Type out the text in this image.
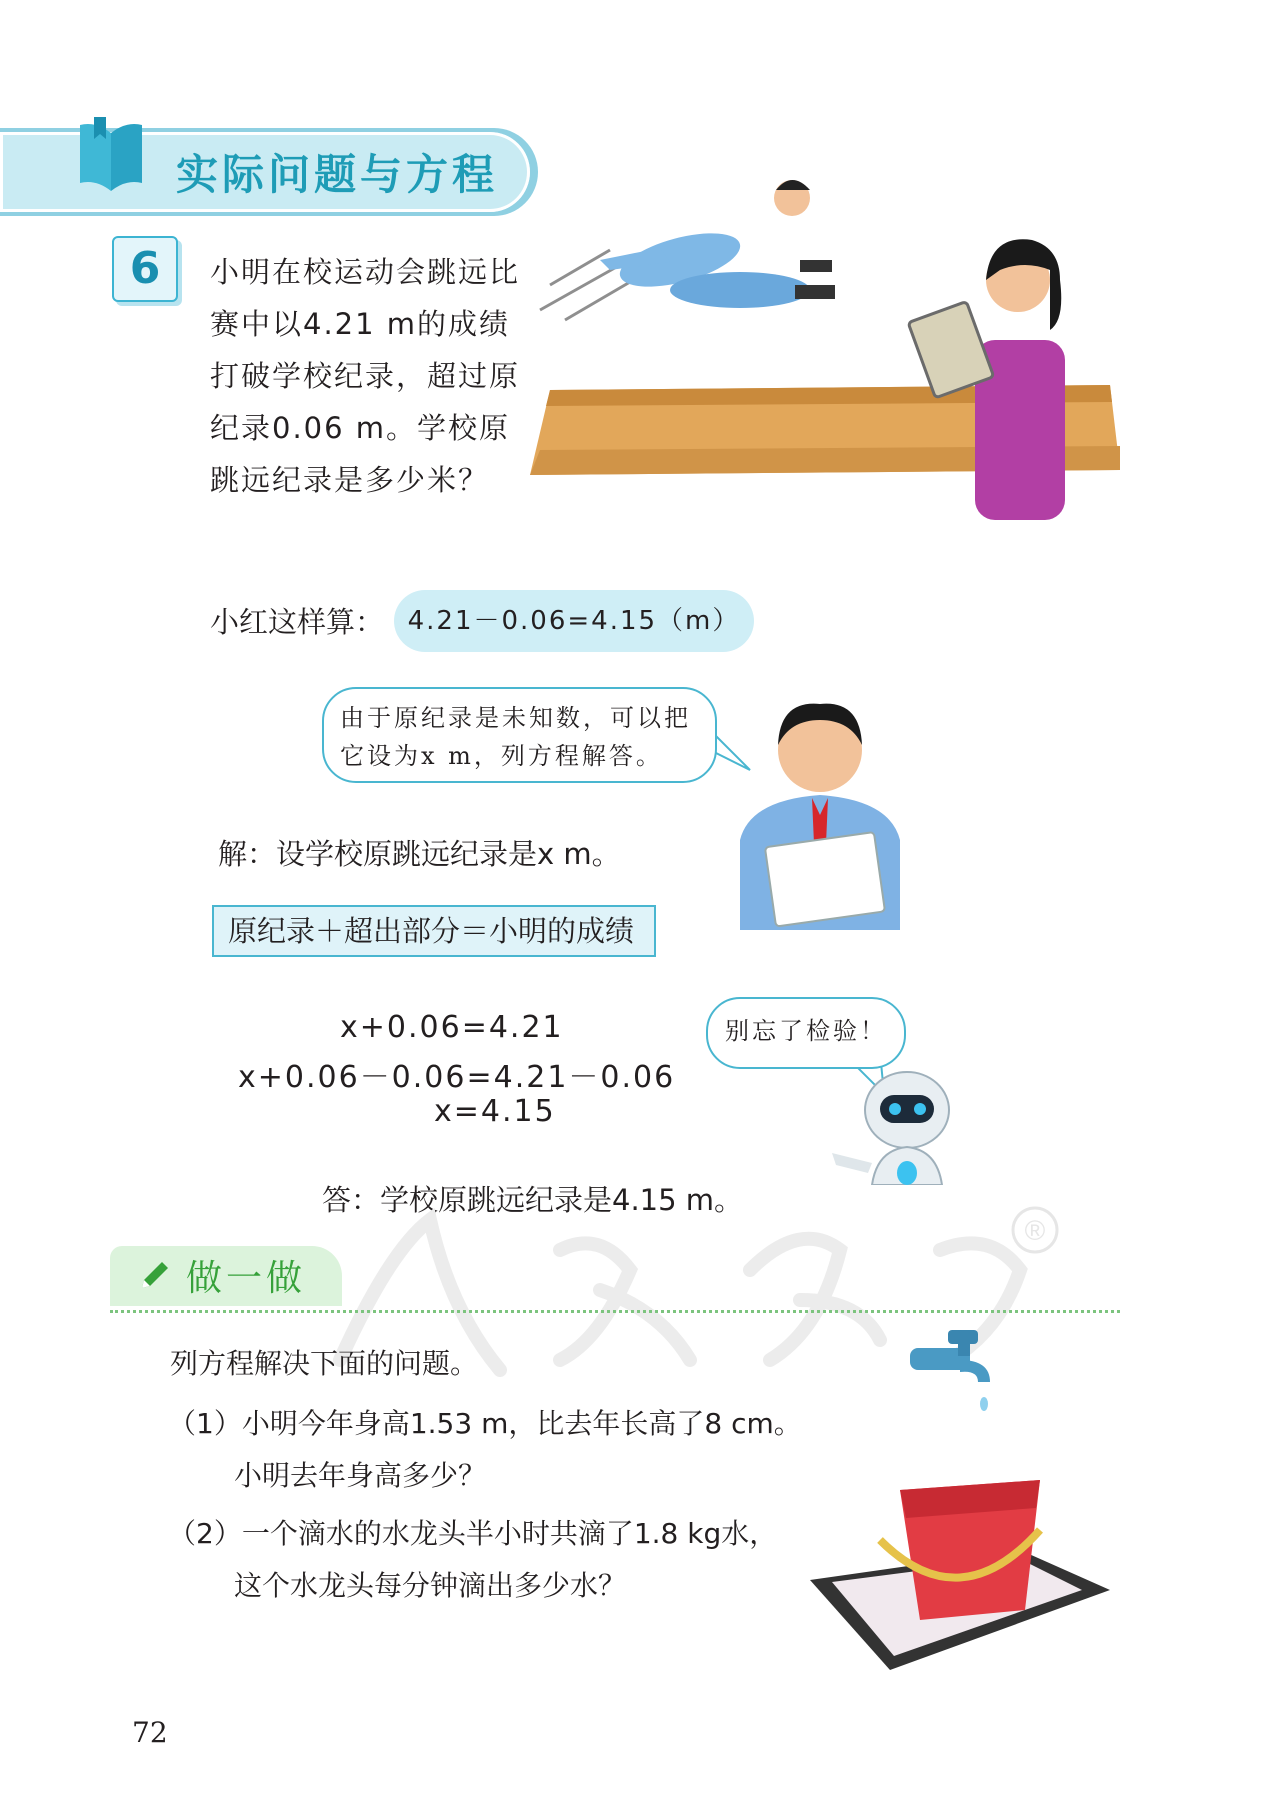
实际问题与方程
6	小明在校运动会跳远比赛中以4.21 m的成绩打破学校纪录，超过原纪录0.06 m。学校原跳远纪录是多少米？
小红这样算： 4.21－0.06=4.15（m）
由于原纪录是未知数，可以把
它设为x m，列方程解答。
解：设学校原跳远纪录是x m。
原纪录＋超出部分＝小明的成绩
x+0.06=4.21
x+0.06－0.06=4.21－0.06
x=4.15
别忘了检验！
答：学校原跳远纪录是4.15 m。
®
做一做
列方程解决下面的问题。
（1）小明今年身高1.53 m，比去年长高了8 cm。
小明去年身高多少？
（2）一个滴水的水龙头半小时共滴了1.8 kg水，
这个水龙头每分钟滴出多少水？
72
